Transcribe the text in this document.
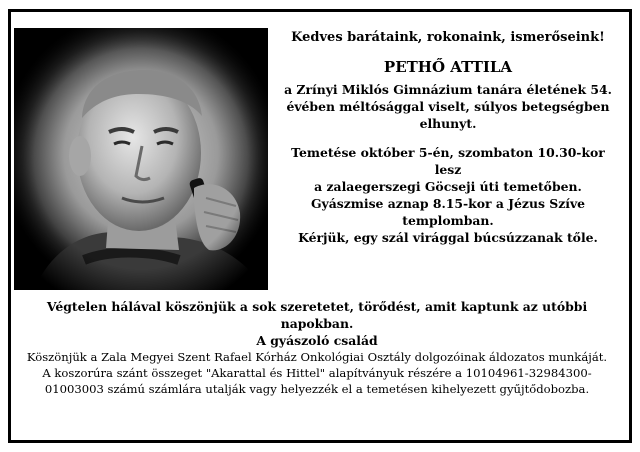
Kedves barátaink, rokonaink, ismerőseink!

PETHŐ ATTILA

a Zrínyi Miklós Gimnázium tanára életének 54. évében méltósággal viselt, súlyos betegségben elhunyt.

Temetése október 5-én, szombaton 10.30-kor lesz
a zalaegerszegi Göcseji úti temetőben.
Gyászmise aznap 8.15-kor a Jézus Szíve
templomban.
Kérjük, egy szál virággal búcsúzzanak tőle.

Végtelen hálával köszönjük a sok szeretetet, törődést, amit kaptunk az utóbbi napokban.
A gyászoló család

Köszönjük a Zala Megyei Szent Rafael Kórház Onkológiai Osztály dolgozóinak áldozatos munkáját.

A koszorúra szánt összeget "Akarattal és Hittel" alapítványuk részére a 10104961-32984300-01003003 számú számlára utalják vagy helyezzék el a temetésen kihelyezett gyűjtődobozba.
